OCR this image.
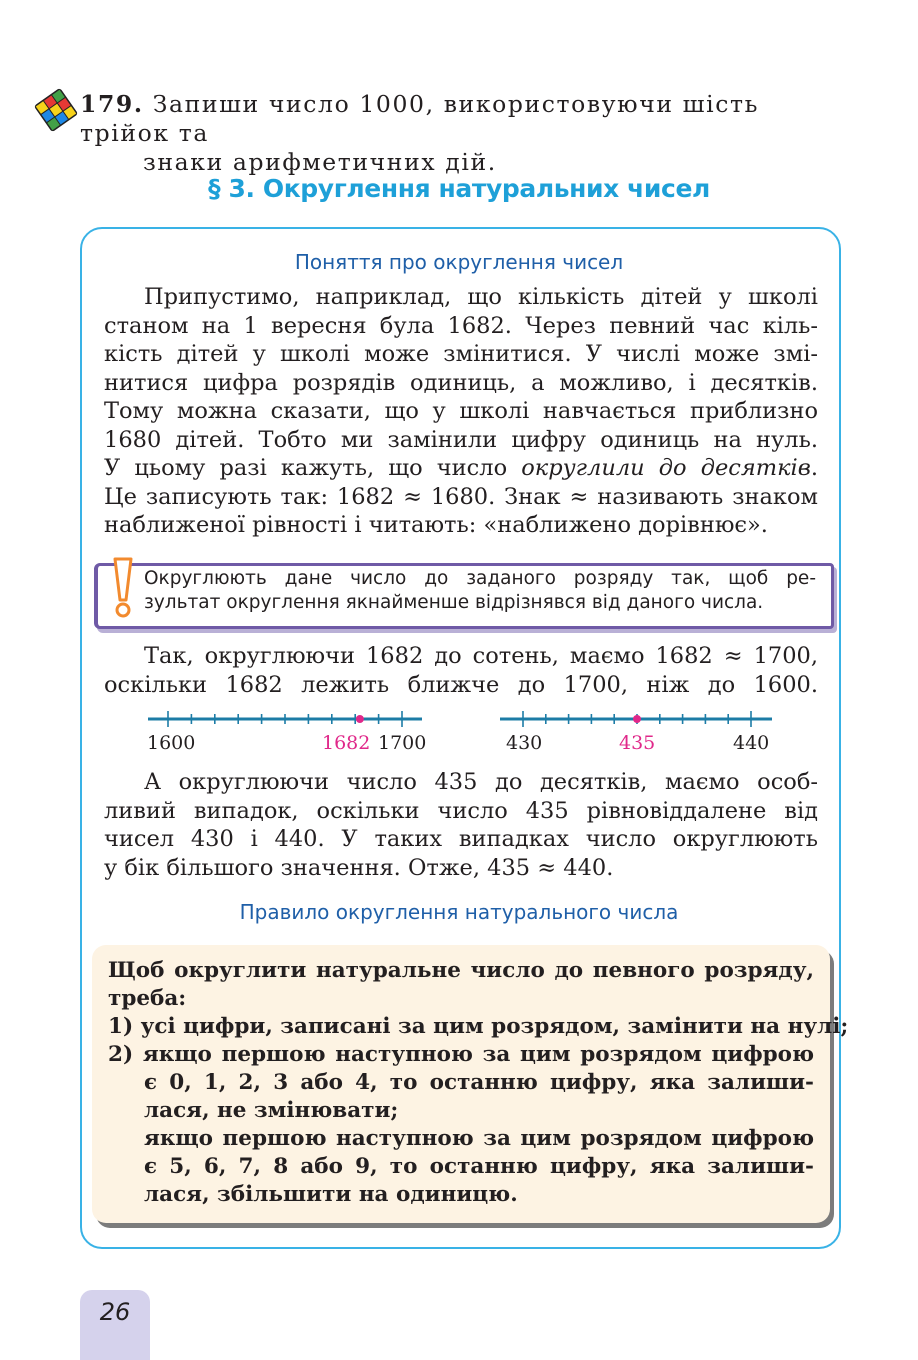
179. Запиши число 1000, використовуючи шість трійок та
знаки арифметичних дій.
§ 3. Округлення натуральних чисел
Поняття про округлення чисел
Припустимо, наприклад, що кількість дітей у школі
станом на 1 вересня була 1682. Через певний час кіль-
кість дітей у школі може змінитися. У числі може змі-
нитися цифра розрядів одиниць, а можливо, і десятків.
Тому можна сказати, що у школі навчається приблизно
1680 дітей. Тобто ми замінили цифру одиниць на нуль.
У цьому разі кажуть, що число округлили до десятків.
Це записують так: 1682 ≈ 1680. Знак ≈ називають знаком
наближеної рівності і читають: «наближено дорівнює».
Округлюють дане число до заданого розряду так, щоб ре-
зультат округлення якнайменше відрізнявся від даного числа.
Так, округлюючи 1682 до сотень, маємо 1682 ≈ 1700,
оскільки 1682 лежить ближче до 1700, ніж до 1600.
1600	1682 1700	430	435	440
А округлюючи число 435 до десятків, маємо особ-
ливий випадок, оскільки число 435 рівновіддалене від
чисел 430 і 440. У таких випадках число округлюють
у бік більшого значення. Отже, 435 ≈ 440.
Правило округлення натурального числа
Щоб округлити натуральне число до певного розряду,
треба:
1) усі цифри, записані за цим розрядом, замінити на нулі;
2) якщо першою наступною за цим розрядом цифрою
є 0, 1, 2, 3 або 4, то останню цифру, яка залиши-
лася, не змінювати;
якщо першою наступною за цим розрядом цифрою
є 5, 6, 7, 8 або 9, то останню цифру, яка залиши-
лася, збільшити на одиницю.
26
